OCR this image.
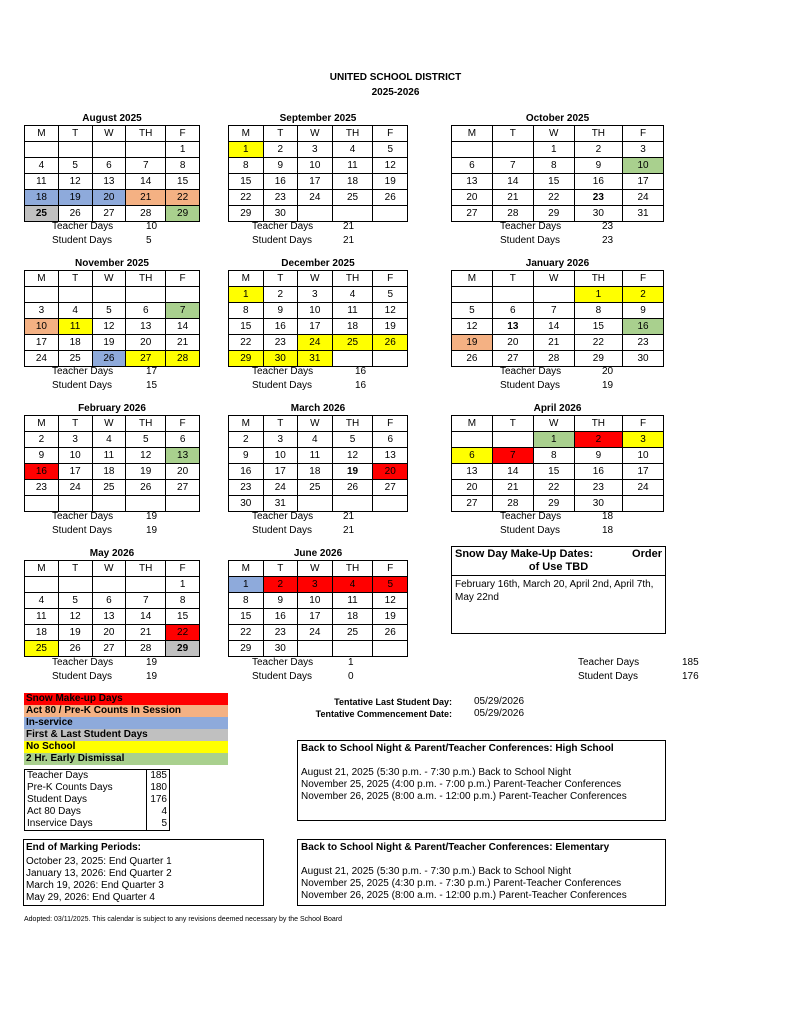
UNITED SCHOOL DISTRICT
2025-2026
August 2025
M	T	W	TH	F
				1
4	5	6	7	8
11	12	13	14	15
18	19	20	21	22
25	26	27	28	29
Teacher Days	10
Student Days	5
September 2025
M	T	W	TH	F
1	2	3	4	5
8	9	10	11	12
15	16	17	18	19
22	23	24	25	26
29	30			
Teacher Days	21
Student Days	21
October 2025
M	T	W	TH	F
		1	2	3
6	7	8	9	10
13	14	15	16	17
20	21	22	23	24
27	28	29	30	31
Teacher Days	23
Student Days	23
November 2025
M	T	W	TH	F

3	4	5	6	7
10	11	12	13	14
17	18	19	20	21
24	25	26	27	28
Teacher Days	17
Student Days	15
December 2025
M	T	W	TH	F
1	2	3	4	5
8	9	10	11	12
15	16	17	18	19
22	23	24	25	26
29	30	31		
Teacher Days	16
Student Days	16
January 2026
M	T	W	TH	F
			1	2
5	6	7	8	9
12	13	14	15	16
19	20	21	22	23
26	27	28	29	30
Teacher Days	20
Student Days	19
February 2026
M	T	W	TH	F
2	3	4	5	6
9	10	11	12	13
16	17	18	19	20
23	24	25	26	27

Teacher Days	19
Student Days	19
March 2026
M	T	W	TH	F
2	3	4	5	6
9	10	11	12	13
16	17	18	19	20
23	24	25	26	27
30	31			
Teacher Days	21
Student Days	21
April 2026
M	T	W	TH	F
		1	2	3
6	7	8	9	10
13	14	15	16	17
20	21	22	23	24
27	28	29	30	
Teacher Days	18
Student Days	18
May 2026
M	T	W	TH	F
				1
4	5	6	7	8
11	12	13	14	15
18	19	20	21	22
25	26	27	28	29
Teacher Days	19
Student Days	19
June 2026
M	T	W	TH	F
1	2	3	4	5
8	9	10	11	12
15	16	17	18	19
22	23	24	25	26
29	30			
Teacher Days	1
Student Days	0
Teacher Days	185
Student Days	176
Snow Day Make-Up Dates:	Order
of Use TBD
February 16th, March 20, April 2nd, April 7th, May 22nd
Snow Make-up Days
Act 80 / Pre-K Counts In Session
In-service
First & Last Student Days
No School
2 Hr. Early Dismissal
Teacher Days	185
Pre-K Counts Days	180
Student Days	176
Act 80 Days	4
Inservice Days	5
Tentative Last Student Day: 05/29/2026
Tentative Commencement Date: 05/29/2026
Back to School Night & Parent/Teacher Conferences: High School
August 21, 2025 (5:30 p.m. - 7:30 p.m.) Back to School Night
November 25, 2025 (4:00 p.m. - 7:00 p.m.) Parent-Teacher Conferences
November 26, 2025 (8:00 a.m. - 12:00 p.m.) Parent-Teacher Conferences
Back to School Night & Parent/Teacher Conferences: Elementary
August 21, 2025 (5:30 p.m. - 7:30 p.m.) Back to School Night
November 25, 2025 (4:30 p.m. - 7:30 p.m.) Parent-Teacher Conferences
November 26, 2025 (8:00 a.m. - 12:00 p.m.) Parent-Teacher Conferences
End of Marking Periods:
October 23, 2025: End Quarter 1
January 13, 2026: End Quarter 2
March 19, 2026: End Quarter 3
May 29, 2026: End Quarter 4
Adopted: 03/11/2025. This calendar is subject to any revisions deemed necessary by the School Board
